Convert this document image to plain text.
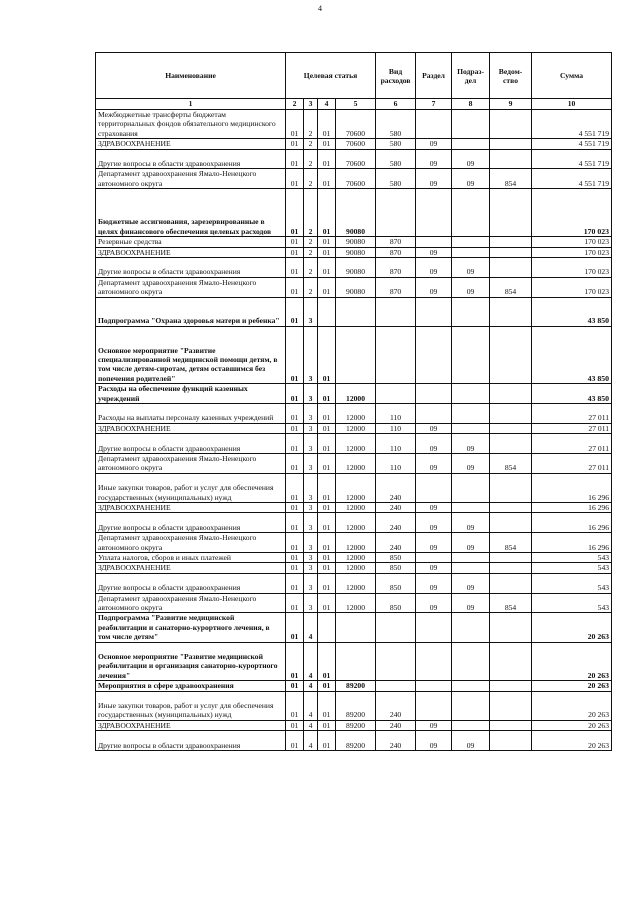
4
Наименование	Целевая статья				Вид расходов	Раздел	Подраз-дел	Ведом-ство	Сумма
1	2	3	4	5	6	7	8	9	10
Межбюджетные трансферты бюджетам территориальных фондов обязательного медицинского страхования	01	2	01	70600	580				4 551 719
ЗДРАВООХРАНЕНИЕ	01	2	01	70600	580	09			4 551 719
Другие вопросы в области здравоохранения	01	2	01	70600	580	09	09		4 551 719
Департамент здравоохранения Ямало-Ненецкого автономного округа	01	2	01	70600	580	09	09	854	4 551 719
Бюджетные ассигнования, зарезервированные в целях финансового обеспечения целевых расходов	01	2	01	90080					170 023
Резервные средства	01	2	01	90080	870				170 023
ЗДРАВООХРАНЕНИЕ	01	2	01	90080	870	09			170 023
Другие вопросы в области здравоохранения	01	2	01	90080	870	09	09		170 023
Департамент здравоохранения Ямало-Ненецкого автономного округа	01	2	01	90080	870	09	09	854	170 023
Подпрограмма "Охрана здоровья матери и ребенка"	01	3							43 850
Основное мероприятие "Развитие специализированной медицинской помощи детям, в том числе детям-сиротам, детям оставшимся без попечения родителей"	01	3	01						43 850
Расходы на обеспечение функций казенных учреждений	01	3	01	12000					43 850
Расходы на выплаты персоналу казенных учреждений	01	3	01	12000	110				27 011
ЗДРАВООХРАНЕНИЕ	01	3	01	12000	110	09			27 011
Другие вопросы в области здравоохранения	01	3	01	12000	110	09	09		27 011
Департамент здравоохранения Ямало-Ненецкого автономного округа	01	3	01	12000	110	09	09	854	27 011
Иные закупки товаров, работ и услуг для обеспечения государственных (муниципальных) нужд	01	3	01	12000	240				16 296
ЗДРАВООХРАНЕНИЕ	01	3	01	12000	240	09			16 296
Другие вопросы в области здравоохранения	01	3	01	12000	240	09	09		16 296
Департамент здравоохранения Ямало-Ненецкого автономного округа	01	3	01	12000	240	09	09	854	16 296
Уплата налогов, сборов и иных платежей	01	3	01	12000	850				543
ЗДРАВООХРАНЕНИЕ	01	3	01	12000	850	09			543
Другие вопросы в области здравоохранения	01	3	01	12000	850	09	09		543
Департамент здравоохранения Ямало-Ненецкого автономного округа	01	3	01	12000	850	09	09	854	543
Подпрограмма "Развитие медицинской реабилитации и санаторно-курортного лечения, в том числе детям"	01	4							20 263
Основное мероприятие "Развитие медицинской реабилитации и организация санаторно-курортного лечения"	01	4	01						20 263
Мероприятия в сфере здравоохранения	01	4	01	89200					20 263
Иные закупки товаров, работ и услуг для обеспечения государственных (муниципальных) нужд	01	4	01	89200	240				20 263
ЗДРАВООХРАНЕНИЕ	01	4	01	89200	240	09			20 263
Другие вопросы в области здравоохранения	01	4	01	89200	240	09	09		20 263
